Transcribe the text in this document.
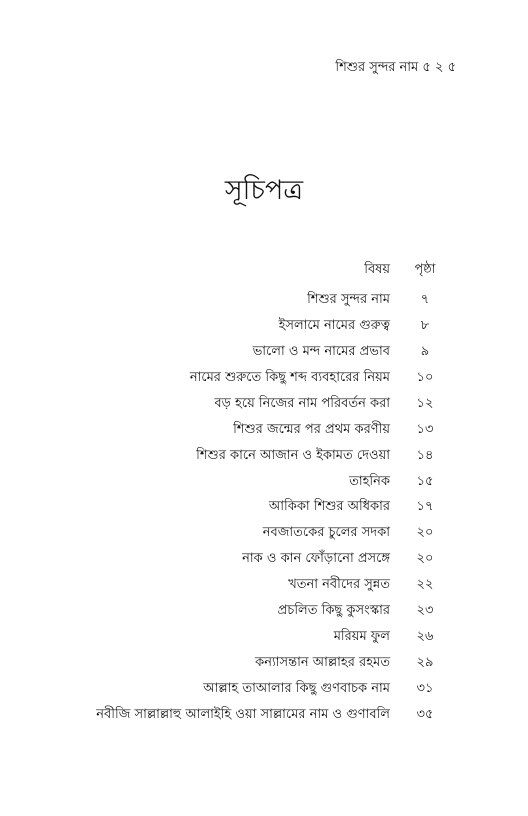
শিশুর সুন্দর নাম ৫ ২ ৫
সূচিপত্র
বিষয়	পৃষ্ঠা
শিশুর সুন্দর নাম	৭
ইসলামে নামের গুরুত্ব	৮
ভালো ও মন্দ নামের প্রভাব	৯
নামের শুরুতে কিছু শব্দ ব্যবহারের নিয়ম	১০
বড় হয়ে নিজের নাম পরিবর্তন করা	১২
শিশুর জন্মের পর প্রথম করণীয়	১৩
শিশুর কানে আজান ও ইকামত দেওয়া	১৪
তাহনিক	১৫
আকিকা শিশুর অধিকার	১৭
নবজাতকের চুলের সদকা	২০
নাক ও কান ফোঁড়ানো প্রসঙ্গে	২০
খতনা নবীদের সুন্নত	২২
প্রচলিত কিছু কুসংস্কার	২৩
মরিয়ম ফুল	২৬
কন্যাসন্তান আল্লাহর রহমত	২৯
আল্লাহ তাআলার কিছু গুণবাচক নাম	৩১
নবীজি সাল্লাল্লাহু আলাইহি ওয়া সাল্লামের নাম ও গুণাবলি	৩৫
